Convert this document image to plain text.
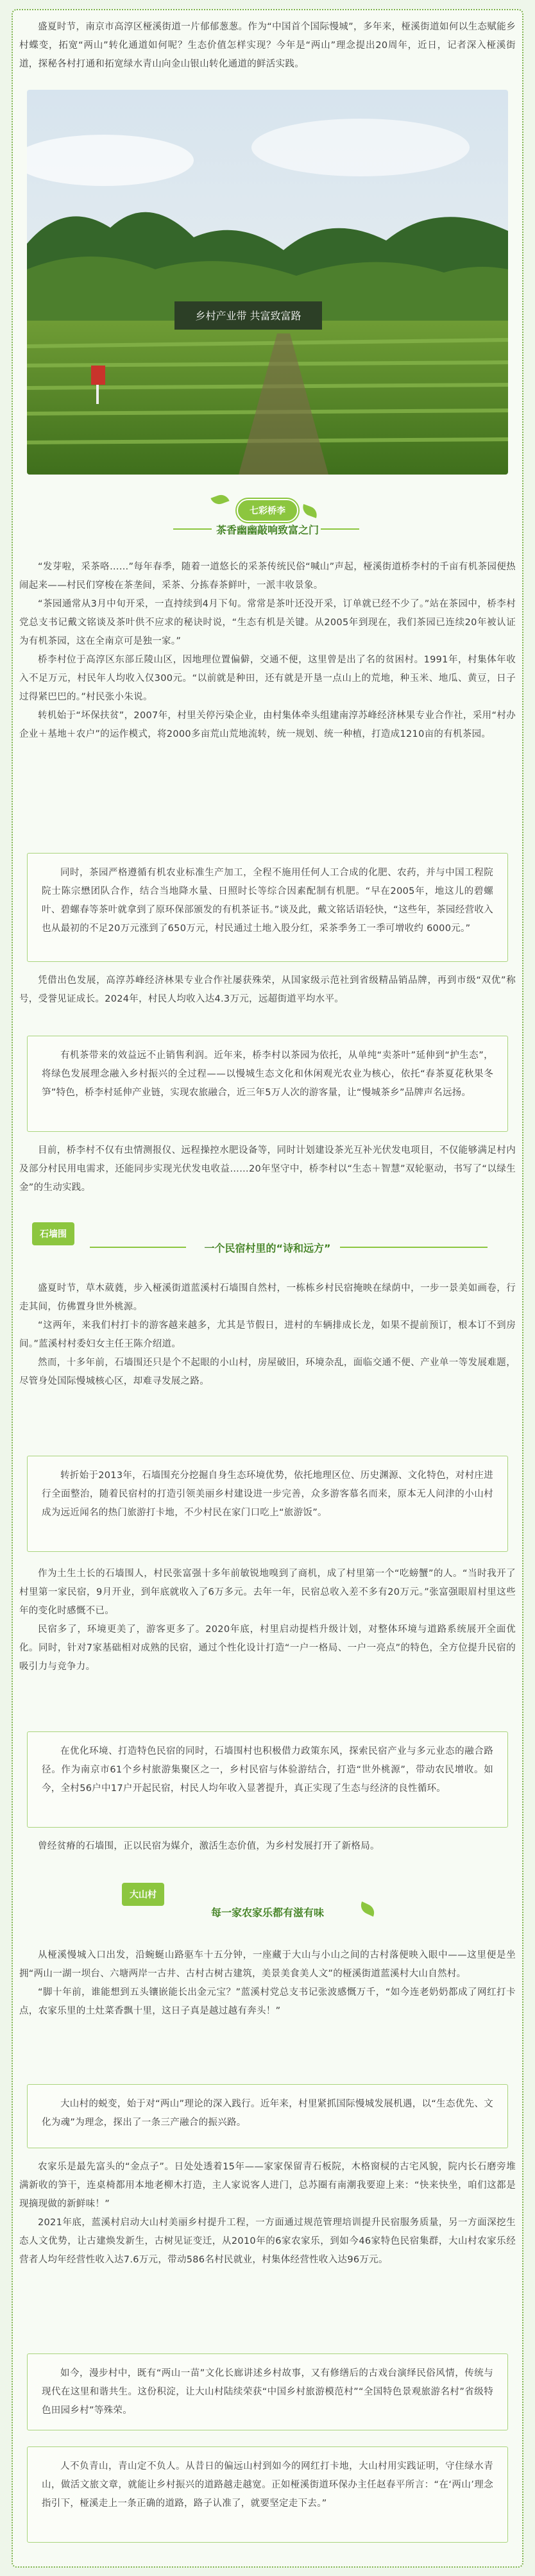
盛夏时节，南京市高淳区桠溪街道一片郁郁葱葱。作为“中国首个国际慢城”，多年来，桠溪街道如何以生态赋能乡村蝶变，拓宽“两山”转化通道如何呢？生态价值怎样实现？今年是“两山”理念提出20周年，近日，记者深入桠溪街道，探秘各村打通和拓宽绿水青山向金山银山转化通道的鲜活实践。

乡村产业带 共富致富路
七彩桥李
茶香幽幽敲响致富之门

“发芽啦，采茶咯……”每年春季，随着一道悠长的采茶传统民俗“喊山”声起，桠溪街道桥李村的千亩有机茶园便热闹起来——村民们穿梭在茶垄间，采茶、分拣春茶鲜叶，一派丰收景象。

“茶园通常从3月中旬开采，一直持续到4月下旬。常常是茶叶还没开采，订单就已经不少了。”站在茶园中，桥李村党总支书记戴文铭谈及茶叶供不应求的秘诀时说，“生态有机是关键。从2005年到现在，我们茶园已连续20年被认证为有机茶园，这在全南京可是独一家。”

桥李村位于高淳区东部丘陵山区，因地理位置偏僻，交通不便，这里曾是出了名的贫困村。1991年，村集体年收入不足万元，村民年人均收入仅300元。“以前就是种田，还有就是开垦一点山上的荒地，种玉米、地瓜、黄豆，日子过得紧巴巴的。”村民张小朱说。

转机始于“坏保扶贫”，2007年，村里关停污染企业，由村集体牵头组建南淳苏峰经济林果专业合作社，采用“村办企业＋基地＋农户”的运作模式，将2000多亩荒山荒地流转，统一规划、统一种植，打造成1210亩的有机茶园。

同时，茶园严格遵循有机农业标准生产加工，全程不施用任何人工合成的化肥、农药，并与中国工程院院士陈宗懋团队合作，结合当地降水量、日照时长等综合因素配制有机肥。“早在2005年，地这儿的碧螺叶、碧螺春等茶叶就拿到了原环保部颁发的有机茶证书。”谈及此，戴文铭话语轻快，“这些年，茶园经营收入也从最初的不足20万元涨到了650万元，村民通过土地入股分红，采茶季务工一季可增收约 6000元。”

凭借出色发展，高淳苏峰经济林果专业合作社屡获殊荣，从国家级示范社到省级精品销品牌，再到市级“双优”称号，受誉见证成长。2024年，村民人均收入达4.3万元，远超街道平均水平。

有机茶带来的效益远不止销售利润。近年来，桥李村以茶园为依托，从单纯“卖茶叶”延伸到“护生态”，将绿色发展理念融入乡村振兴的全过程——以慢城生态文化和休闲观光农业为核心，依托“春茶夏花秋果冬笋”特色，桥李村延伸产业链，实现农旅融合，近三年5万人次的游客量，让“慢城茶乡”品牌声名远扬。

目前，桥李村不仅有虫情测报仪、远程操控水肥设备等，同时计划建设茶光互补光伏发电项目，不仅能够满足村内及部分村民用电需求，还能同步实现光伏发电收益……20年坚守中，桥李村以“生态＋智慧”双轮驱动，书写了“以绿生金”的生动实践。

石墙围
一个民宿村里的“诗和远方”

盛夏时节，草木葳蕤，步入桠溪街道蓝溪村石墙围自然村，一栋栋乡村民宿掩映在绿荫中，一步一景美如画卷，行走其间，仿佛置身世外桃源。

“这两年，来我们村打卡的游客越来越多，尤其是节假日，进村的车辆排成长龙，如果不提前预订，根本订不到房间。”蓝溪村村委妇女主任王陈介绍道。

然而，十多年前，石墙围还只是个不起眼的小山村，房屋破旧，环境杂乱，面临交通不便、产业单一等发展难题，尽管身处国际慢城核心区，却难寻发展之路。

转折始于2013年，石墙围充分挖掘自身生态环境优势，依托地理区位、历史渊源、文化特色，对村庄进行全面整治，随着民宿村的打造引领美丽乡村建设进一步完善，众多游客慕名而来，原本无人问津的小山村成为远近闻名的热门旅游打卡地，不少村民在家门口吃上“旅游饭”。

作为土生土长的石墙围人，村民张富强十多年前敏锐地嗅到了商机，成了村里第一个“吃螃蟹”的人。“当时我开了村里第一家民宿，9月开业，到年底就收入了6万多元。去年一年，民宿总收入差不多有20万元。”张富强眼眉村里这些年的变化时感慨不已。

民宿多了，环境更美了，游客更多了。2020年底，村里启动提档升级计划，对整体环境与道路系统展开全面优化。同时，针对7家基础相对成熟的民宿，通过个性化设计打造“一户一格局、一户一亮点”的特色，全方位提升民宿的吸引力与竞争力。

在优化环境、打造特色民宿的同时，石墙围村也积极借力政策东风，探索民宿产业与多元业态的融合路径。作为南京市61个乡村旅游集聚区之一，乡村民宿与体验游结合，打造“世外桃源”，带动农民增收。如今，全村56户中17户开起民宿，村民人均年收入显著提升，真正实现了生态与经济的良性循环。

曾经贫瘠的石墙围，正以民宿为媒介，激活生态价值，为乡村发展打开了新格局。

大山村
每一家农家乐都有滋有味

从桠溪慢城入口出发，沿蜿蜒山路驱车十五分钟，一座藏于大山与小山之间的古村落便映入眼中——这里便是坐拥“两山一湖一坝台、六塘两岸一古井、古村古树古建筑，美景美食美人文”的桠溪街道蓝溪村大山自然村。

“脚十年前，谁能想到五头镶嵌能长出金元宝？”蓝溪村党总支书记张波感慨万千，“如今连老奶奶都成了网红打卡点，农家乐里的土灶菜香飘十里，这日子真是越过越有奔头！”

大山村的蜕变，始于对“两山”理论的深入践行。近年来，村里紧抓国际慢城发展机遇，以“生态优先、文化为魂”为理念，探出了一条三产融合的振兴路。

农家乐是最先富头的“金点子”。日处处透着15年——家家保留青石板院，木格窗棂的古宅风貌，院内长石磨旁堆满新收的笋干，连桌椅都用本地老柳木打造，主人家说客人进门，总苏圈有南潮我要迎上来：“快来快坐，咱们这都是现摘现做的新鲜味！”

2021年底，蓝溪村启动大山村美丽乡村提升工程，一方面通过规范管理培训提升民宿服务质量，另一方面深挖生态人文优势，让古建焕发新生，古树见证变迁，从2010年的6家农家乐，到如今46家特色民宿集群，大山村农家乐经营者人均年经营性收入达7.6万元，带动586名村民就业，村集体经营性收入达96万元。

如今，漫步村中，既有“两山一苗”文化长廊讲述乡村故事，又有修缮后的古戏台演绎民俗风情，传统与现代在这里和谐共生。这份积淀，让大山村陆续荣获“中国乡村旅游模范村”“全国特色景观旅游名村”省级特色田园乡村”等殊荣。

人不负青山，青山定不负人。从昔日的偏远山村到如今的网红打卡地，大山村用实践证明，守住绿水青山，做活文旅文章，就能让乡村振兴的道路越走越宽。正如桠溪街道环保办主任赵春平所言：“在‘两山’理念指引下，桠溪走上一条正确的道路，路子认准了，就要坚定走下去。”
